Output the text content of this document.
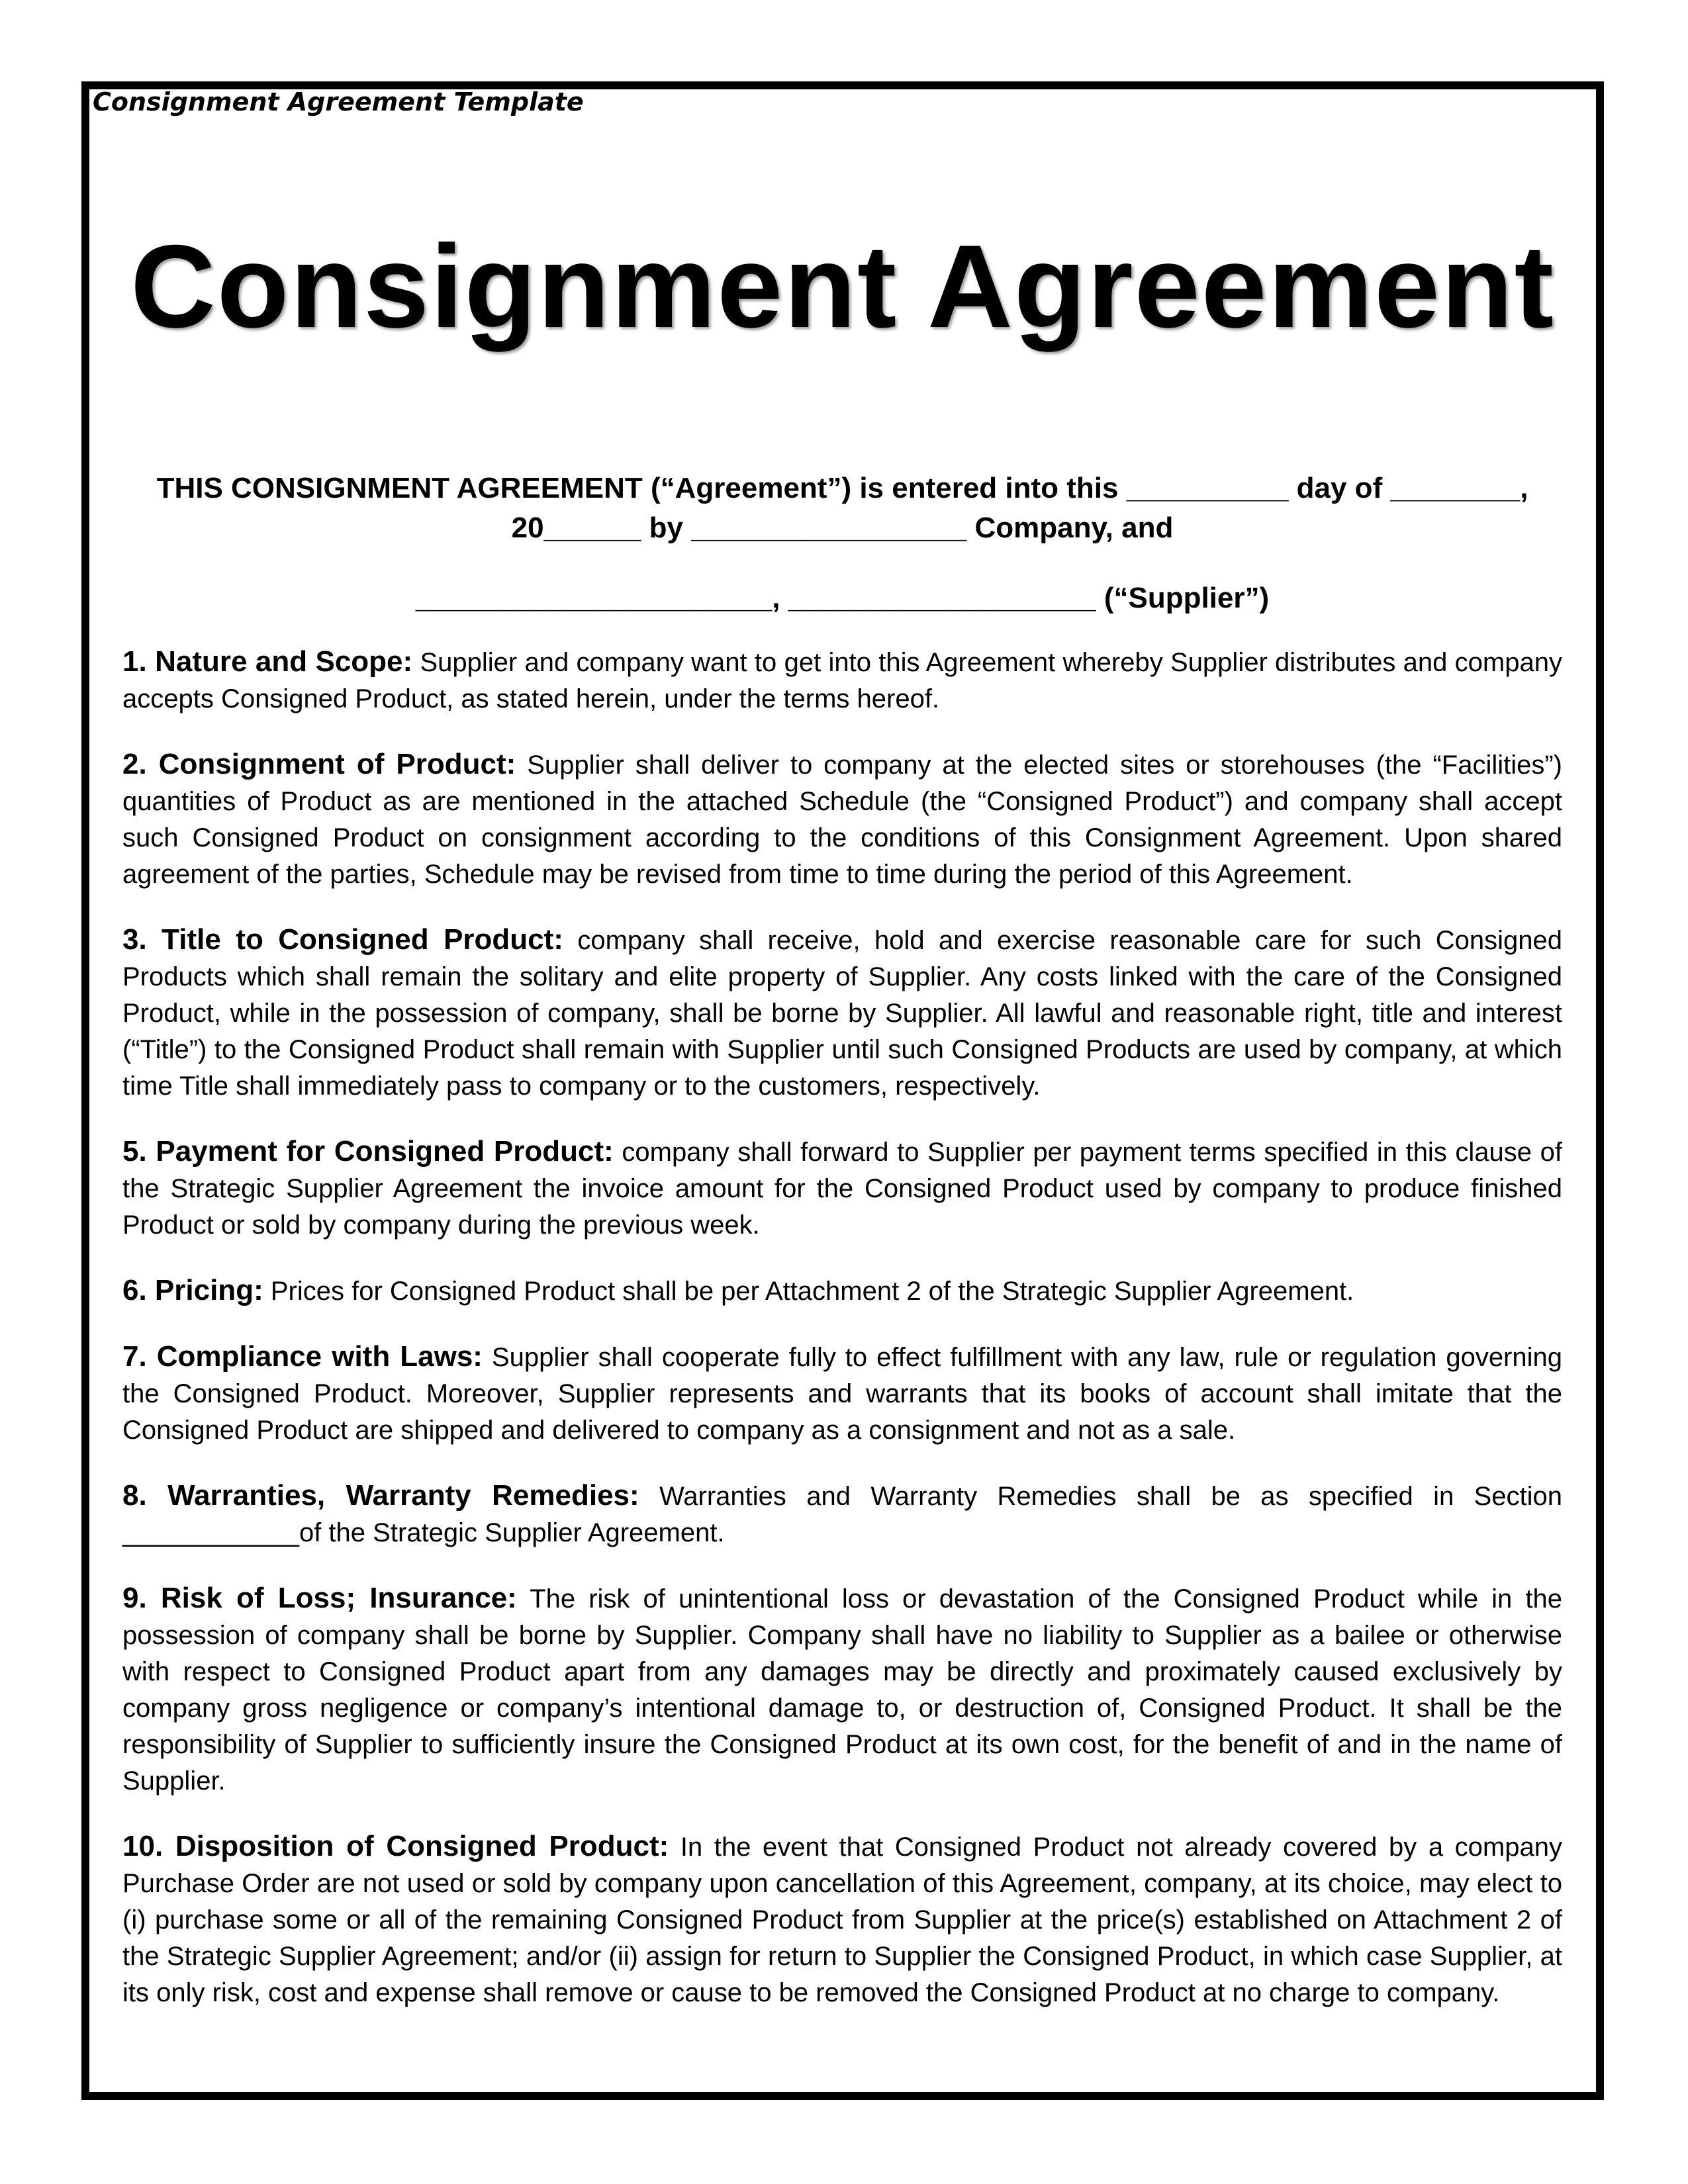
Consignment Agreement Template
Consignment Agreement
THIS CONSIGNMENT AGREEMENT (“Agreement”) is entered into this __________ day of ________, 20______ by _________________ Company, and
______________________, ___________________ (“Supplier”)

1. Nature and Scope: Supplier and company want to get into this Agreement whereby Supplier distributes and company accepts Consigned Product, as stated herein, under the terms hereof.

2. Consignment of Product: Supplier shall deliver to company at the elected sites or storehouses (the “Facilities”) quantities of Product as are mentioned in the attached Schedule (the “Consigned Product”) and company shall accept such Consigned Product on consignment according to the conditions of this Consignment Agreement. Upon shared agreement of the parties, Schedule may be revised from time to time during the period of this Agreement.

3. Title to Consigned Product: company shall receive, hold and exercise reasonable care for such Consigned Products which shall remain the solitary and elite property of Supplier. Any costs linked with the care of the Consigned Product, while in the possession of company, shall be borne by Supplier. All lawful and reasonable right, title and interest (“Title”) to the Consigned Product shall remain with Supplier until such Consigned Products are used by company, at which time Title shall immediately pass to company or to the customers, respectively.

5. Payment for Consigned Product: company shall forward to Supplier per payment terms specified in this clause of the Strategic Supplier Agreement the invoice amount for the Consigned Product used by company to produce finished Product or sold by company during the previous week.

6. Pricing: Prices for Consigned Product shall be per Attachment 2 of the Strategic Supplier Agreement.

7. Compliance with Laws: Supplier shall cooperate fully to effect fulfillment with any law, rule or regulation governing the Consigned Product. Moreover, Supplier represents and warrants that its books of account shall imitate that the Consigned Product are shipped and delivered to company as a consignment and not as a sale.

8. Warranties, Warranty Remedies: Warranties and Warranty Remedies shall be as specified in Section ____________of the Strategic Supplier Agreement.

9. Risk of Loss; Insurance: The risk of unintentional loss or devastation of the Consigned Product while in the possession of company shall be borne by Supplier. Company shall have no liability to Supplier as a bailee or otherwise with respect to Consigned Product apart from any damages may be directly and proximately caused exclusively by company gross negligence or company’s intentional damage to, or destruction of, Consigned Product. It shall be the responsibility of Supplier to sufficiently insure the Consigned Product at its own cost, for the benefit of and in the name of Supplier.

10. Disposition of Consigned Product: In the event that Consigned Product not already covered by a company Purchase Order are not used or sold by company upon cancellation of this Agreement, company, at its choice, may elect to (i) purchase some or all of the remaining Consigned Product from Supplier at the price(s) established on Attachment 2 of the Strategic Supplier Agreement; and/or (ii) assign for return to Supplier the Consigned Product, in which case Supplier, at its only risk, cost and expense shall remove or cause to be removed the Consigned Product at no charge to company.
